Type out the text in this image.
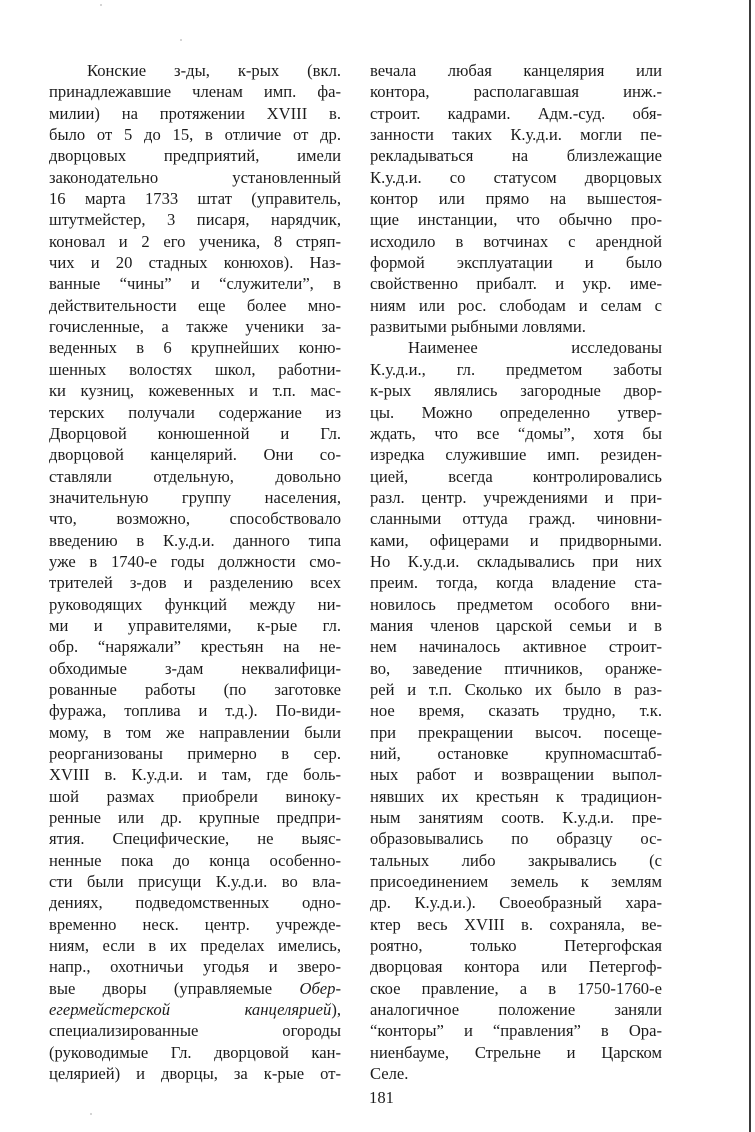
Конские з-ды, к-рых (вкл.
принадлежавшие членам имп. фа-
милии) на протяжении XVIII в.
было от 5 до 15, в отличие от др.
дворцовых предприятий, имели
законодательно установленный
16 марта 1733 штат (управитель,
штутмейстер, 3 писаря, нарядчик,
коновал и 2 его ученика, 8 стряп-
чих и 20 стадных конюхов). Наз-
ванные “чины” и “служители”, в
действительности еще более мно-
гочисленные, а также ученики за-
веденных в 6 крупнейших коню-
шенных волостях школ, работни-
ки кузниц, кожевенных и т.п. мас-
терских получали содержание из
Дворцовой конюшенной и Гл.
дворцовой канцелярий. Они со-
ставляли отдельную, довольно
значительную группу населения,
что, возможно, способствовало
введению в К.у.д.и. данного типа
уже в 1740-е годы должности смо-
трителей з-дов и разделению всех
руководящих функций между ни-
ми и управителями, к-рые гл.
обр. “наряжали” крестьян на не-
обходимые з-дам неквалифици-
рованные работы (по заготовке
фуража, топлива и т.д.). По-види-
мому, в том же направлении были
реорганизованы примерно в сер.
XVIII в. К.у.д.и. и там, где боль-
шой размах приобрели виноку-
ренные или др. крупные предпри-
ятия. Специфические, не выяс-
ненные пока до конца особенно-
сти были присущи К.у.д.и. во вла-
дениях, подведомственных одно-
временно неск. центр. учрежде-
ниям, если в их пределах имелись,
напр., охотничьи угодья и зверо-
вые дворы (управляемые Обер-
егермейстерской канцелярией),
специализированные огороды
(руководимые Гл. дворцовой кан-
целярией) и дворцы, за к-рые от-
вечала любая канцелярия или
контора, располагавшая инж.-
строит. кадрами. Адм.-суд. обя-
занности таких К.у.д.и. могли пе-
рекладываться на близлежащие
К.у.д.и. со статусом дворцовых
контор или прямо на вышестоя-
щие инстанции, что обычно про-
исходило в вотчинах с арендной
формой эксплуатации и было
свойственно прибалт. и укр. име-
ниям или рос. слободам и селам с
развитыми рыбными ловлями.
Наименее исследованы
К.у.д.и., гл. предметом заботы
к-рых являлись загородные двор-
цы. Можно определенно утвер-
ждать, что все “домы”, хотя бы
изредка служившие имп. резиден-
цией, всегда контролировались
разл. центр. учреждениями и при-
сланными оттуда гражд. чиновни-
ками, офицерами и придворными.
Но К.у.д.и. складывались при них
преим. тогда, когда владение ста-
новилось предметом особого вни-
мания членов царской семьи и в
нем начиналось активное строит-
во, заведение птичников, оранже-
рей и т.п. Сколько их было в раз-
ное время, сказать трудно, т.к.
при прекращении высоч. посеще-
ний, остановке крупномасштаб-
ных работ и возвращении выпол-
нявших их крестьян к традицион-
ным занятиям соотв. К.у.д.и. пре-
образовывались по образцу ос-
тальных либо закрывались (с
присоединением земель к землям
др. К.у.д.и.). Своеобразный хара-
ктер весь XVIII в. сохраняла, ве-
роятно, только Петергофская
дворцовая контора или Петергоф-
ское правление, а в 1750-1760-е
аналогичное положение заняли
“конторы” и “правления” в Ора-
ниенбауме, Стрельне и Царском
Селе.
181
